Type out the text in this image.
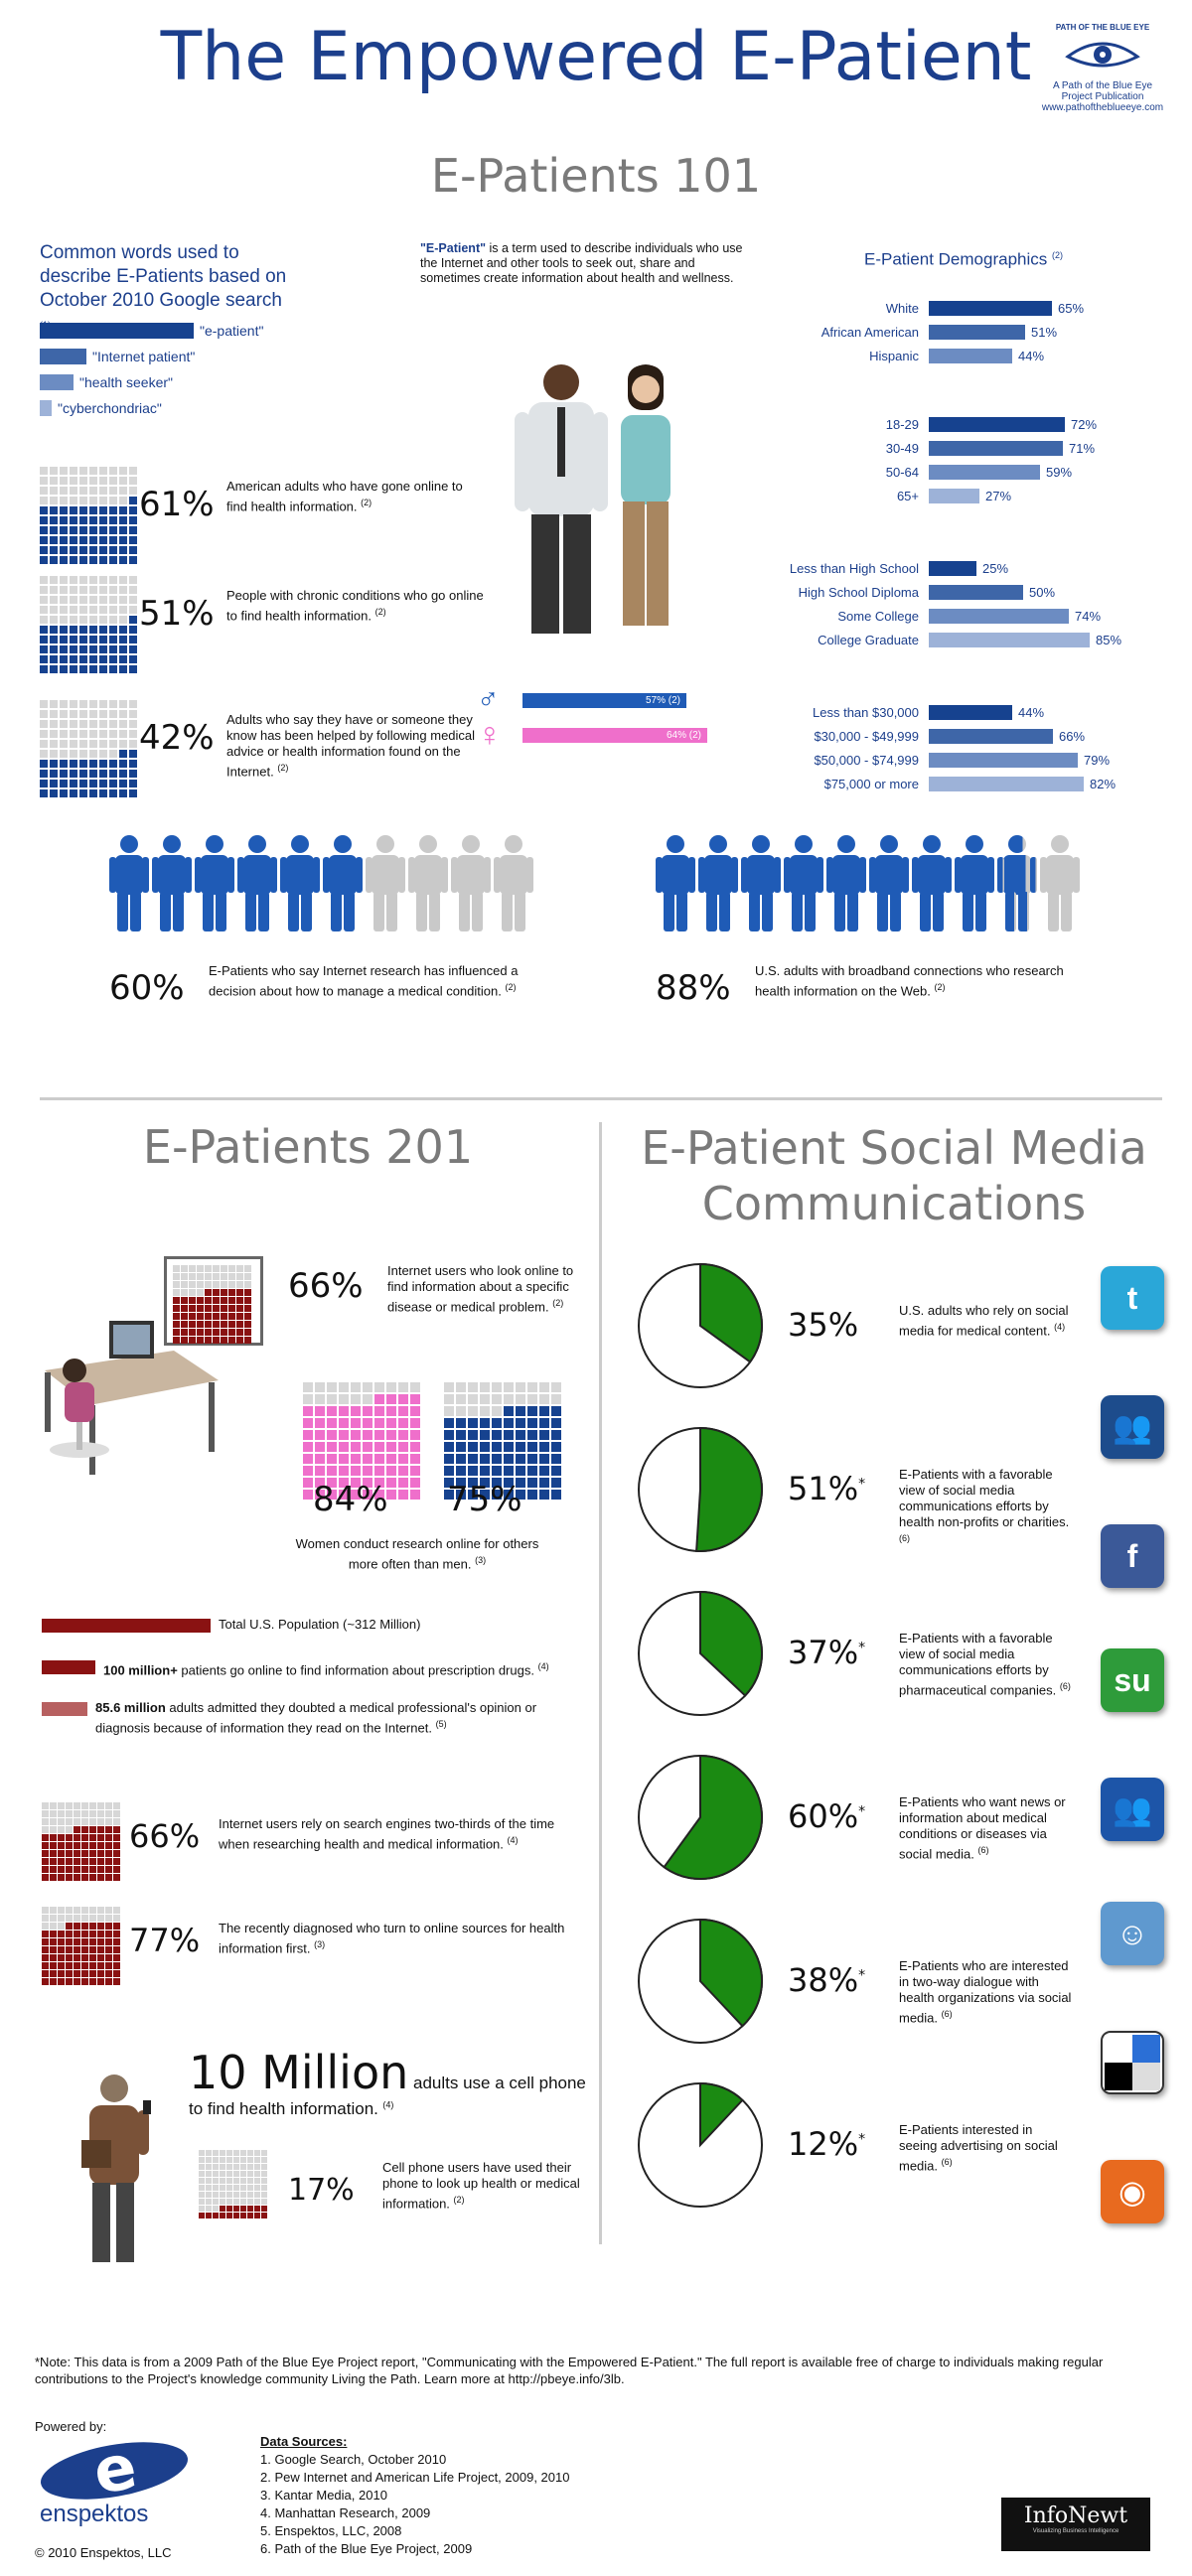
The Empowered E-Patient	PATH OF THE BLUE EYE
A Path of the Blue Eye
Project Publication
www.pathoftheblueeye.com
E-Patients 101
Common words used to describe E-Patients based on October 2010 Google search
"e-patient"
"Internet patient"
"health seeker"
"cyberchondriac"
"E-Patient" is a term used to describe individuals who use the Internet and other tools to seek out, share and sometimes create information about health and wellness.
61% American adults who have gone online to find health information. $^{(2)}$
51% People with chronic conditions who go online to find health information. $^{(2)}$
42% Adults who say they have or someone they know has been helped by following medical advice or health information found on the Internet. $^{(2)}$
♂	57% (2)
♀	64% (2)
E-Patient Demographics $^{(2)}$
White	65%
African American	51%
Hispanic	44%
18-29	72%
30-49	71%
50-64	59%
65+	27%
Less than High School	25%
High School Diploma	50%
Some College	74%
College Graduate	85%
Less than $30,000	44%
$30,000 - $49,999	66%
$50,000 - $74,999	79%
$75,000 or more	82%
60% E-Patients who say Internet research has influenced a decision about how to manage a medical condition. $^{(2)}$	88% U.S. adults with broadband connections who research health information on the Web. $^{(2)}$
E-Patients 201
66% Internet users who look online to find information about a specific disease or medical problem. $^{(2)}$
84% 75%
Women conduct research online for others more often than men. $^{(3)}$
Total U.S. Population (~312 Million)
100 million+ patients go online to find information about prescription drugs. $^{(4)}$
85.6 million adults admitted they doubted a medical professional's opinion or diagnosis because of information they read on the Internet. $^{(5)}$
66% Internet users rely on search engines two-thirds of the time when researching health and medical information. $^{(4)}$
77% The recently diagnosed who turn to online sources for health information first. $^{(3)}$
10 Million adults use a cell phone to find health information. $^{(4)}$
17%
Cell phone users have used their phone to look up health or medical information. $^{(2)}$
E-Patient Social Media Communications
35%	U.S. adults who rely on social media for medical content. $^{(4)}$
51%*
E-Patients with a favorable view of social media communications efforts by health non-profits or charities. $^{(6)}$
37%*
E-Patients with a favorable view of social media communications efforts by pharmaceutical companies. $^{(6)}$
60%*
E-Patients who want news or information about medical conditions or diseases via social media. $^{(6)}$
38%*
E-Patients who are interested in two-way dialogue with health organizations via social media. $^{(6)}$
12%*
E-Patients interested in seeing advertising on social media. $^{(6)}$
t
👥
f
su
👥
☺
◉
*Note: This data is from a 2009 Path of the Blue Eye Project report, "Communicating with the Empowered E-Patient." The full report is available free of charge to individuals making regular contributions to the Project's knowledge community Living the Path. Learn more at http://pbeye.info/3lb.
Powered by:
e
enspektos
© 2010 Enspektos, LLC
Data Sources:
1. Google Search, October 2010
2. Pew Internet and American Life Project, 2009, 2010
3. Kantar Media, 2010
4. Manhattan Research, 2009
5. Enspektos, LLC, 2008
6. Path of the Blue Eye Project, 2009
InfoNewt
Visualizing Business Intelligence
